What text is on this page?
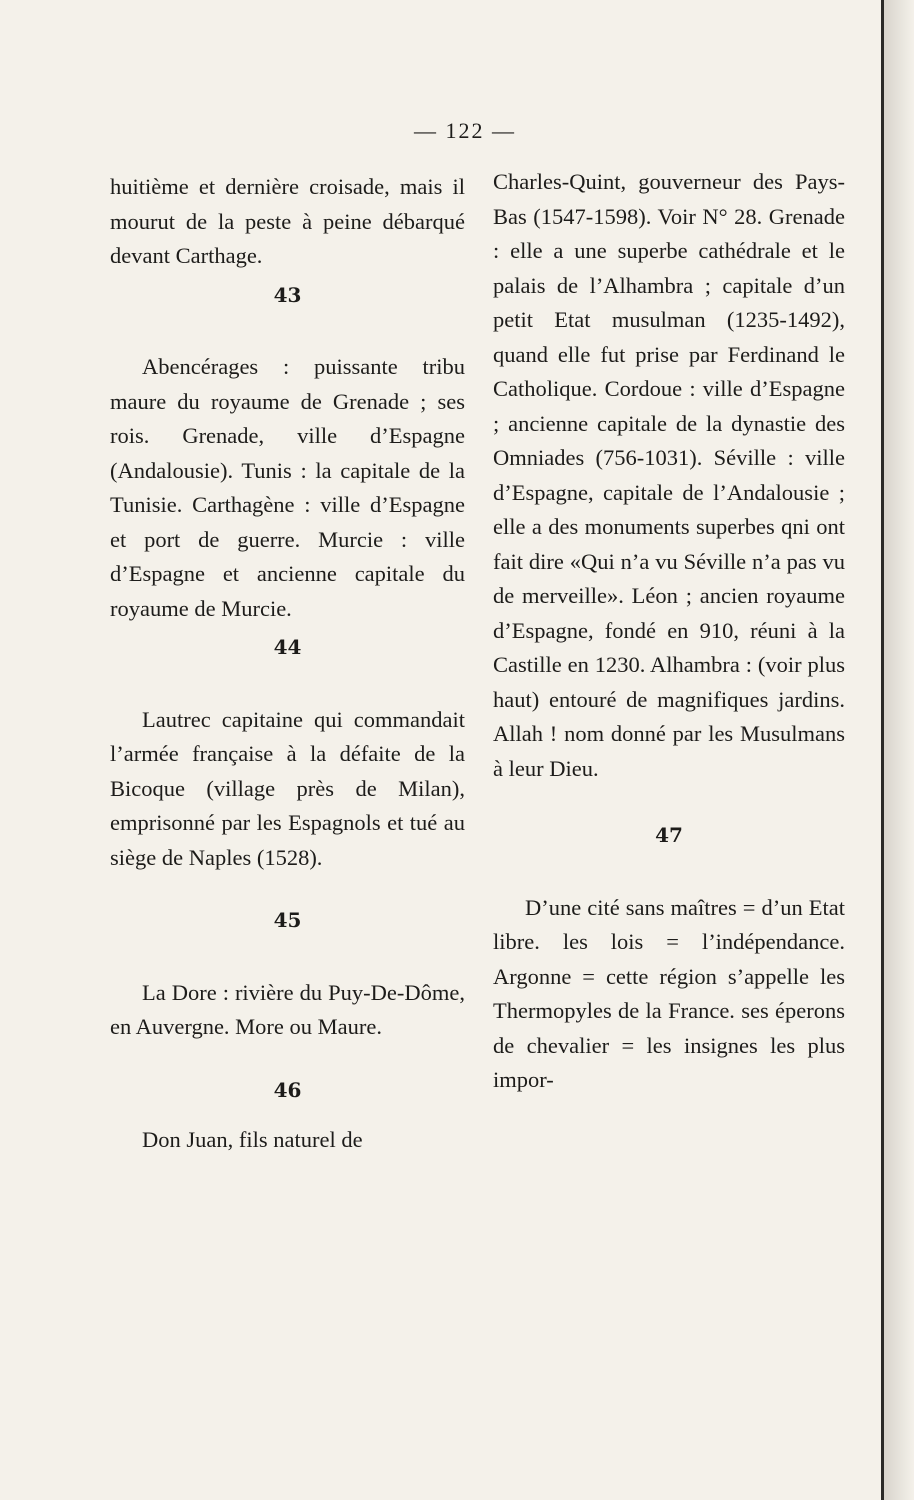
— 122 —

huitième et dernière croisade, mais il mourut de la peste à peine débarqué devant Carthage.

43

Abencérages : puissante tribu maure du royaume de Grenade ; ses rois. Grenade, ville d’Espagne (Andalousie). Tunis : la capitale de la Tunisie. Carthagène : ville d’Espagne et port de guerre. Murcie : ville d’Espagne et ancienne capitale du royaume de Murcie.

44

Lautrec capitaine qui commandait l’armée française à la défaite de la Bicoque (village près de Milan), emprisonné par les Espagnols et tué au siège de Naples (1528).

45

La Dore : rivière du Puy-De-Dôme, en Auvergne. More ou Maure.

46

Don Juan, fils naturel de

Charles-Quint, gouverneur des Pays-Bas (1547-1598). Voir N° 28. Grenade : elle a une superbe cathédrale et le palais de l’Alhambra ; capitale d’un petit Etat musulman (1235-1492), quand elle fut prise par Ferdinand le Catholique. Cordoue : ville d’Espagne ; ancienne capitale de la dynastie des Omniades (756-1031). Séville : ville d’Espagne, capitale de l’Andalousie ; elle a des monuments superbes qni ont fait dire «Qui n’a vu Séville n’a pas vu de merveille». Léon ; ancien royaume d’Espagne, fondé en 910, réuni à la Castille en 1230. Alhambra : (voir plus haut) entouré de magnifiques jardins. Allah ! nom donné par les Musulmans à leur Dieu.

47

D’une cité sans maîtres = d’un Etat libre. les lois = l’indépendance. Argonne = cette région s’appelle les Thermopyles de la France. ses éperons de chevalier = les insignes les plus impor-
